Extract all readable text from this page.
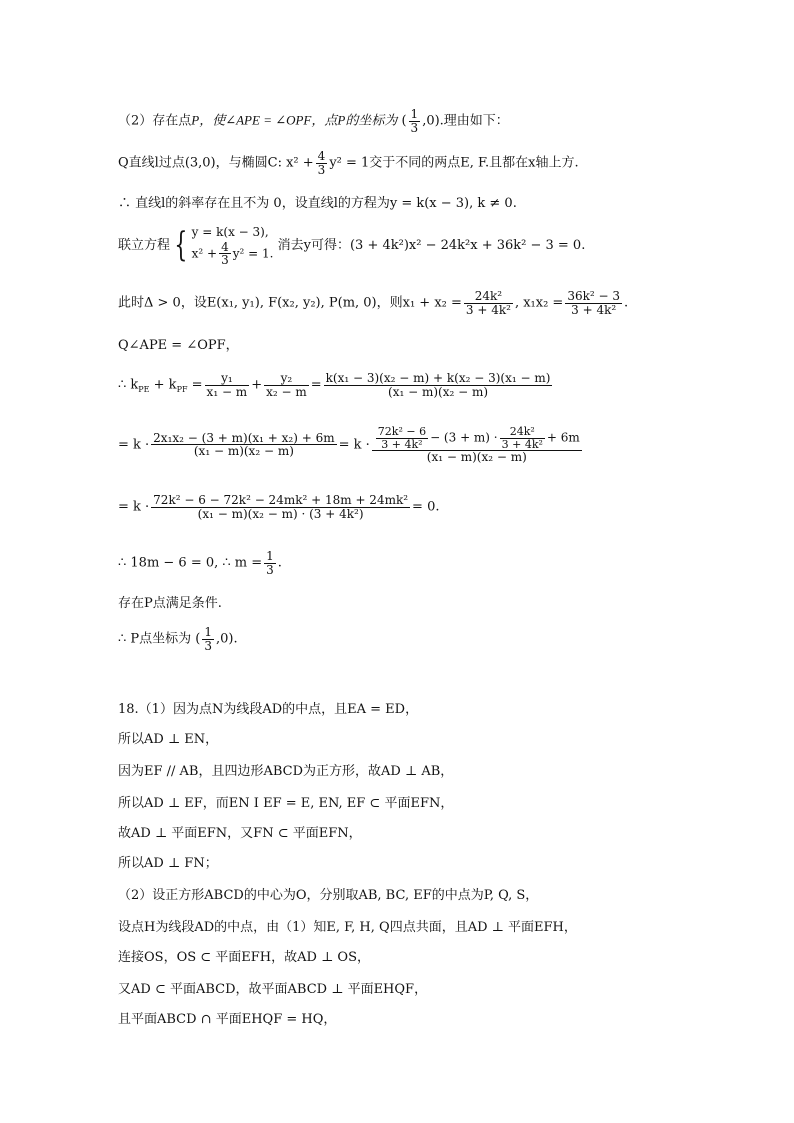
（2）存在点P，使∠APE = ∠OPF，点P的坐标为 ( $\frac{1}{3} ,0$).理由如下：
Q直线l过点(3,0)，与椭圆C: $x^2 + \frac{4}{3} y^2 = 1$交于不同的两点E, F.且都在x轴上方.
∴ 直线l的斜率存在且不为 0，设直线l的方程为y = k(x − 3), k ≠ 0.
联立方程 { y = k(x − 3),
$x^2 + \frac{4}{3} y^2 = 1$.
消去y可得：(3 + 4k²)x² − 24k²x + 36k² − 3 = 0.
此时Δ > 0，设E(x₁, y₁), F(x₂, y₂), P(m, 0)，则$x_1 + x_2 = \frac{\text{24k²}}{\text{3 + 4k²}}$ , $x_1x_2 = \frac{\text{36k² − 3}}{\text{3 + 4k²}}$ .
Q∠APE = ∠OPF，
∴ $k_{PE} + k_{PF} = \frac{\text{y₁}}{\text{x₁ − m}} + \frac{\text{y₂}}{\text{x₂ − m}} = \frac{\text{k(x₁ − 3)(x₂ − m) + k(x₂ − 3)(x₁ − m)}}{\text{(x₁ − m)(x₂ − m)}}$
= $k \cdot \frac{\text{2x₁x₂ − (3 + m)(x₁ + x₂) + 6m}}{\text{(x₁ − m)(x₂ − m)}} = k \cdot \frac{\frac{\text{72k² − 6}}{\text{3 + 4k²}} - (3 + m) \cdot \frac{\text{24k²}}{\text{3 + 4k²}} + 6m}{\text{(x₁ − m)(x₂ − m)}}$
= $k \cdot \frac{\text{72k² − 6 − 72k² − 24mk² + 18m + 24mk²}}{\text{(x₁ − m)(x₂ − m) · (3 + 4k²)}} = 0$.
∴ 18m − 6 = 0, ∴ $m = \frac{1}{3}$ .
存在P点满足条件.
∴ P点坐标为 ( $\frac{1}{3} ,0$).
18.（1）因为点N为线段AD的中点，且EA = ED，
所以AD ⊥ EN，
因为EF // AB，且四边形ABCD为正方形，故AD ⊥ AB，
所以AD ⊥ EF，而EN I EF = E, EN, EF ⊂ 平面EFN，
故AD ⊥ 平面EFN，又FN ⊂ 平面EFN，
所以AD ⊥ FN；
（2）设正方形ABCD的中心为O，分别取AB, BC, EF的中点为P, Q, S，
设点H为线段AD的中点，由（1）知E, F, H, Q四点共面，且AD ⊥ 平面EFH，
连接OS，OS ⊂ 平面EFH，故AD ⊥ OS，
又AD ⊂ 平面ABCD，故平面ABCD ⊥ 平面EHQF，
且平面ABCD ∩ 平面EHQF = HQ，
